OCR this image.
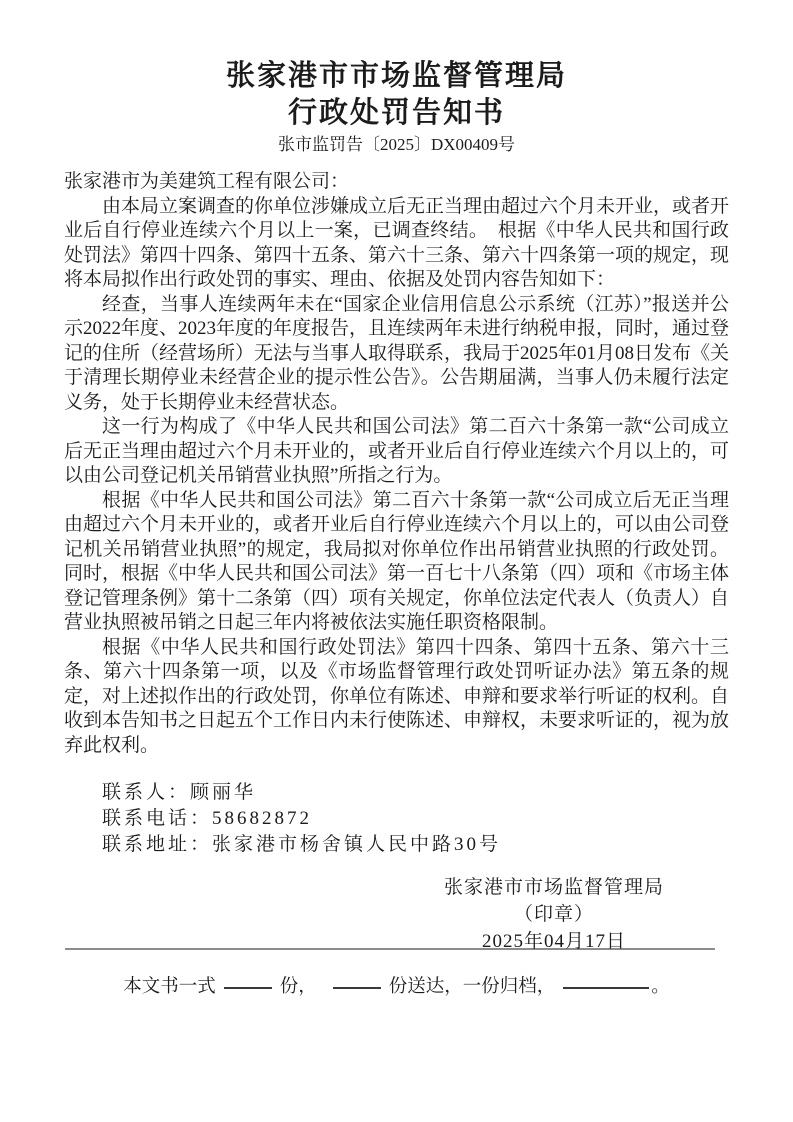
张家港市市场监督管理局
行政处罚告知书
张市监罚告〔2025〕DX00409号

张家港市为美建筑工程有限公司：

由本局立案调查的你单位涉嫌成立后无正当理由超过六个月未开业，或者开业后自行停业连续六个月以上一案，已调查终结。　根据《中华人民共和国行政处罚法》第四十四条、第四十五条、第六十三条、第六十四条第一项的规定，现将本局拟作出行政处罚的事实、理由、依据及处罚内容告知如下：

经查，当事人连续两年未在“国家企业信用信息公示系统（江苏）”报送并公示2022年度、2023年度的年度报告，且连续两年未进行纳税申报，同时，通过登记的住所（经营场所）无法与当事人取得联系，我局于2025年01月08日发布《关于清理长期停业未经营企业的提示性公告》。公告期届满，当事人仍未履行法定义务，处于长期停业未经营状态。

这一行为构成了《中华人民共和国公司法》第二百六十条第一款“公司成立后无正当理由超过六个月未开业的，或者开业后自行停业连续六个月以上的，可以由公司登记机关吊销营业执照”所指之行为。

根据《中华人民共和国公司法》第二百六十条第一款“公司成立后无正当理由超过六个月未开业的，或者开业后自行停业连续六个月以上的，可以由公司登记机关吊销营业执照”的规定，我局拟对你单位作出吊销营业执照的行政处罚。同时，根据《中华人民共和国公司法》第一百七十八条第（四）项和《市场主体登记管理条例》第十二条第（四）项有关规定，你单位法定代表人（负责人）自营业执照被吊销之日起三年内将被依法实施任职资格限制。

根据《中华人民共和国行政处罚法》第四十四条、第四十五条、第六十三条、第六十四条第一项，以及《市场监督管理行政处罚听证办法》第五条的规定，对上述拟作出的行政处罚，你单位有陈述、申辩和要求举行听证的权利。自收到本告知书之日起五个工作日内未行使陈述、申辩权，未要求听证的，视为放弃此权利。

联系人：顾丽华
联系电话：58682872
联系地址：张家港市杨舍镇人民中路30号
张家港市市场监督管理局
（印章）
2025年04月17日
本文书一式	份，	份送达，一份归档，	。
